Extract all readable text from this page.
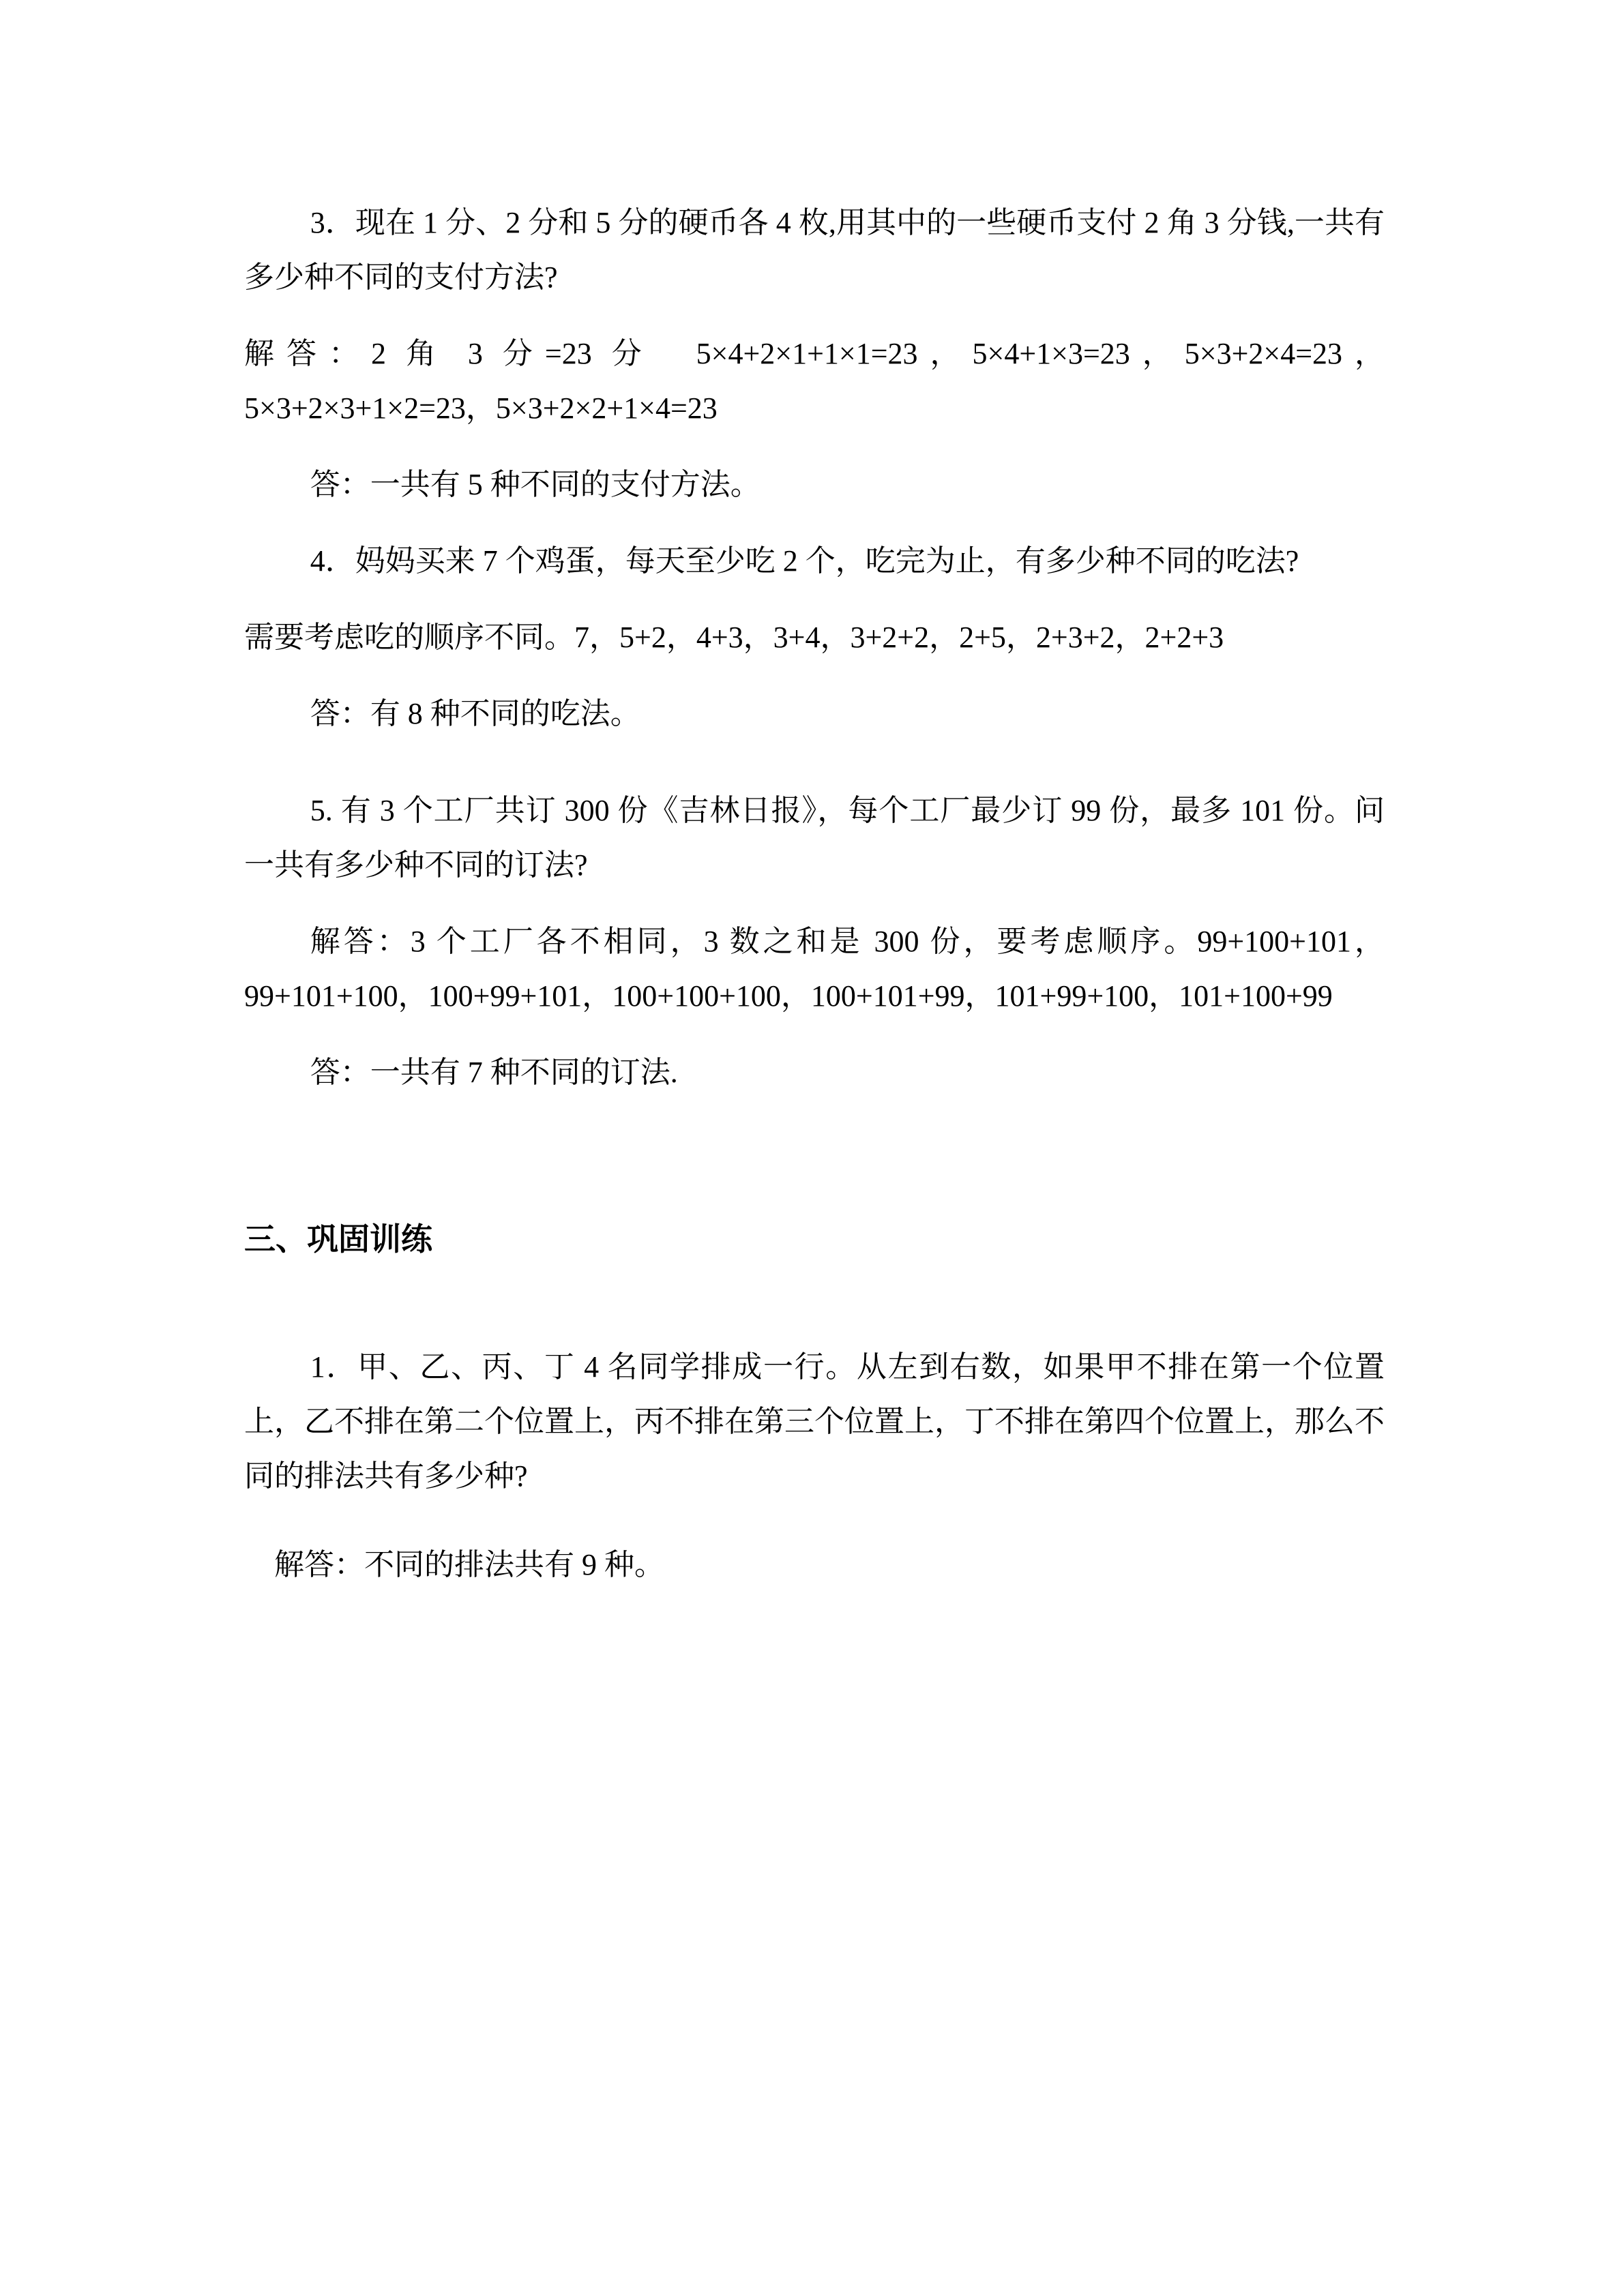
3．现在 1 分、2 分和 5 分的硬币各 4 枚,用其中的一些硬币支付 2 角 3 分钱,一共有多少种不同的支付方法?

解答：2 角 3 分=23 分　5×4+2×1+1×1=23，5×4+1×3=23，5×3+2×4=23，5×3+2×3+1×2=23，5×3+2×2+1×4=23

答：一共有 5 种不同的支付方法。

4．妈妈买来 7 个鸡蛋，每天至少吃 2 个，吃完为止，有多少种不同的吃法?

需要考虑吃的顺序不同。7，5+2，4+3，3+4，3+2+2，2+5，2+3+2，2+2+3

答：有 8 种不同的吃法。

5. 有 3 个工厂共订 300 份《吉林日报》，每个工厂最少订 99 份，最多 101 份。问一共有多少种不同的订法?

解答：3 个工厂各不相同，3 数之和是 300 份，要考虑顺序。99+100+101，99+101+100，100+99+101，100+100+100，100+101+99，101+99+100，101+100+99

答：一共有 7 种不同的订法.

三、巩固训练

1．甲、乙、丙、丁 4 名同学排成一行。从左到右数，如果甲不排在第一个位置上，乙不排在第二个位置上，丙不排在第三个位置上，丁不排在第四个位置上，那么不同的排法共有多少种?

解答：不同的排法共有 9 种。
